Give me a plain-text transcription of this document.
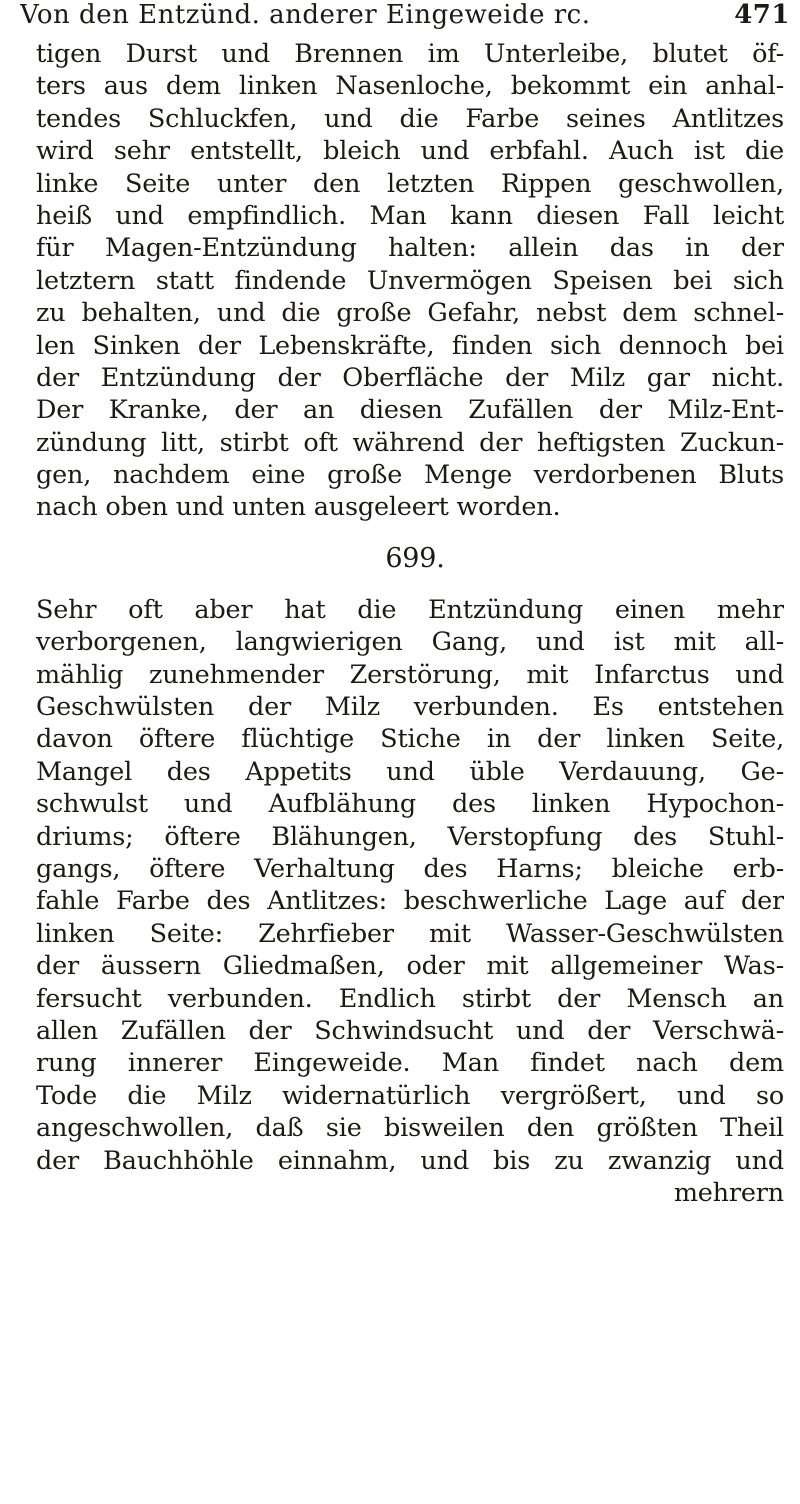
Von den Entzünd. anderer Eingeweide rc.	471
tigen Durst und Brennen im Unterleibe, blutet öf-
ters aus dem linken Nasenloche, bekommt ein anhal-
tendes Schluckfen, und die Farbe seines Antlitzes
wird sehr entstellt, bleich und erbfahl. Auch ist die
linke Seite unter den letzten Rippen geschwollen,
heiß und empfindlich. Man kann diesen Fall leicht
für Magen-Entzündung halten: allein das in der
letztern statt findende Unvermögen Speisen bei sich
zu behalten, und die große Gefahr, nebst dem schnel-
len Sinken der Lebenskräfte, finden sich dennoch bei
der Entzündung der Oberfläche der Milz gar nicht.
Der Kranke, der an diesen Zufällen der Milz-Ent-
zündung litt, stirbt oft während der heftigsten Zuckun-
gen, nachdem eine große Menge verdorbenen Bluts
nach oben und unten ausgeleert worden.
699.
Sehr oft aber hat die Entzündung einen mehr
verborgenen, langwierigen Gang, und ist mit all-
mählig zunehmender Zerstörung, mit Infarctus und
Geschwülsten der Milz verbunden. Es entstehen
davon öftere flüchtige Stiche in der linken Seite,
Mangel des Appetits und üble Verdauung, Ge-
schwulst und Aufblähung des linken Hypochon-
driums; öftere Blähungen, Verstopfung des Stuhl-
gangs, öftere Verhaltung des Harns; bleiche erb-
fahle Farbe des Antlitzes: beschwerliche Lage auf der
linken Seite: Zehrfieber mit Wasser-Geschwülsten
der äussern Gliedmaßen, oder mit allgemeiner Was-
fersucht verbunden. Endlich stirbt der Mensch an
allen Zufällen der Schwindsucht und der Verschwä-
rung innerer Eingeweide. Man findet nach dem
Tode die Milz widernatürlich vergrößert, und so
angeschwollen, daß sie bisweilen den größten Theil
der Bauchhöhle einnahm, und bis zu zwanzig und
mehrern
